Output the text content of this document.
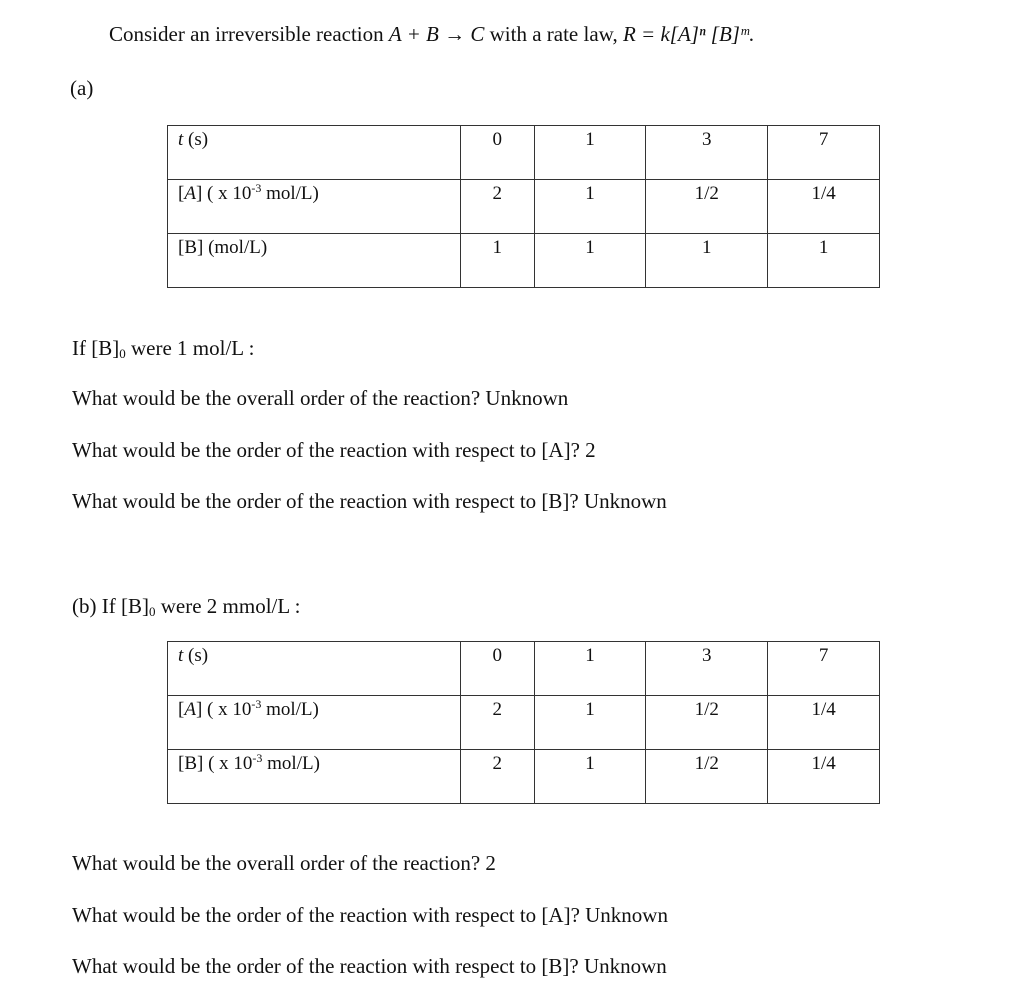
Consider an irreversible reaction A + B → C with a rate law, R = k[A]ⁿ [B]ᵐ.
(a)
t (s)	0	1	3	7
[A] ( x $10^{-3}$ mol/L)	2	1	1/2	1/4
[B] (mol/L)	1	1	1	1
If $[B]_0$ were 1 mol/L :
What would be the overall order of the reaction? Unknown
What would be the order of the reaction with respect to [A]? 2
What would be the order of the reaction with respect to [B]? Unknown
(b) If $[B]_0$ were 2 mmol/L :
t (s)	0	1	3	7
[A] ( x $10^{-3}$ mol/L)	2	1	1/2	1/4
[B] ( x $10^{-3}$ mol/L)	2	1	1/2	1/4
What would be the overall order of the reaction? 2
What would be the order of the reaction with respect to [A]? Unknown
What would be the order of the reaction with respect to [B]? Unknown
